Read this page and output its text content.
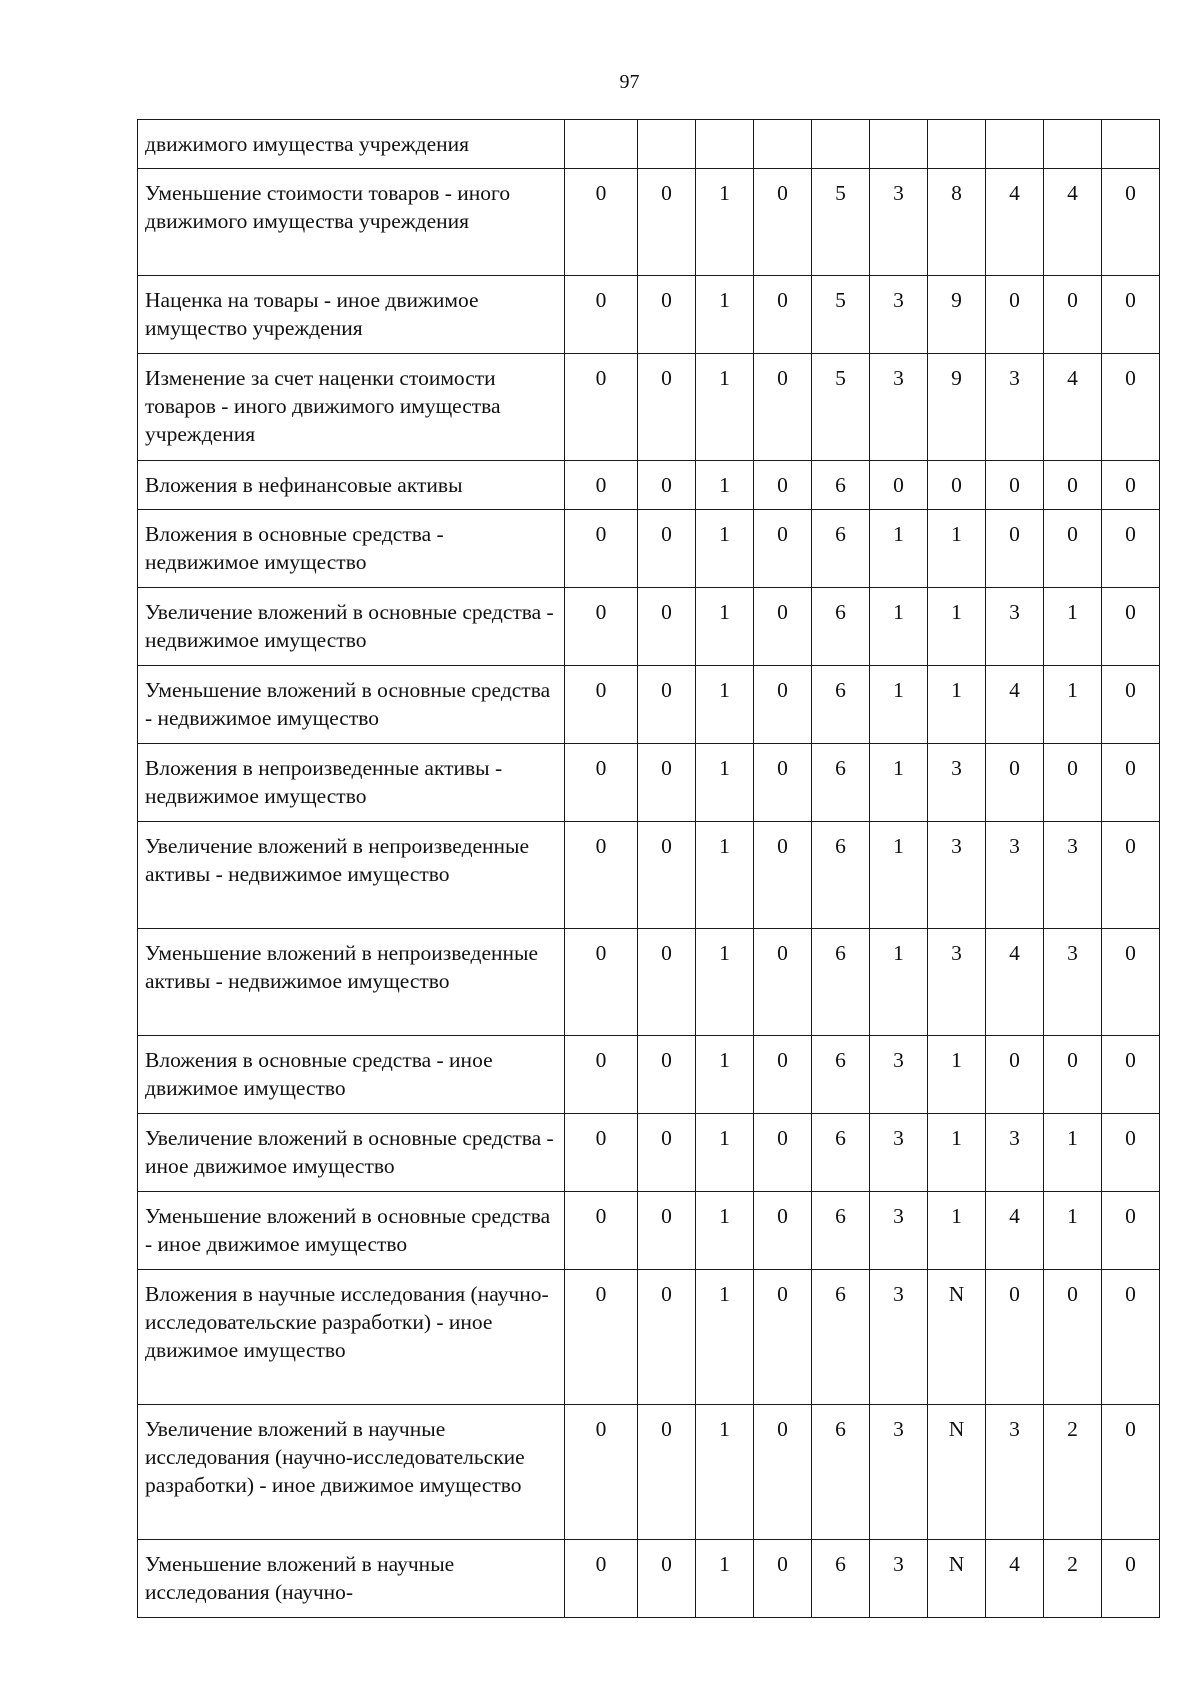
97
движимого имущества учреждения										
Уменьшение стоимости товаров - иного движимого имущества учреждения	0	0	1	0	5	3	8	4	4	0
Наценка на товары - иное движимое имущество учреждения	0	0	1	0	5	3	9	0	0	0
Изменение за счет наценки стоимости товаров - иного движимого имущества учреждения	0	0	1	0	5	3	9	3	4	0
Вложения в нефинансовые активы	0	0	1	0	6	0	0	0	0	0
Вложения в основные средства - недвижимое имущество	0	0	1	0	6	1	1	0	0	0
Увеличение вложений в основные средства - недвижимое имущество	0	0	1	0	6	1	1	3	1	0
Уменьшение вложений в основные средства - недвижимое имущество	0	0	1	0	6	1	1	4	1	0
Вложения в непроизведенные активы - недвижимое имущество	0	0	1	0	6	1	3	0	0	0
Увеличение вложений в непроизведенные активы - недвижимое имущество	0	0	1	0	6	1	3	3	3	0
Уменьшение вложений в непроизведенные активы - недвижимое имущество	0	0	1	0	6	1	3	4	3	0
Вложения в основные средства - иное движимое имущество	0	0	1	0	6	3	1	0	0	0
Увеличение вложений в основные средства - иное движимое имущество	0	0	1	0	6	3	1	3	1	0
Уменьшение вложений в основные средства - иное движимое имущество	0	0	1	0	6	3	1	4	1	0
Вложения в научные исследования (научно-исследовательские разработки) - иное движимое имущество	0	0	1	0	6	3	N	0	0	0
Увеличение вложений в научные исследования (научно-исследовательские разработки) - иное движимое имущество	0	0	1	0	6	3	N	3	2	0
Уменьшение вложений в научные исследования (научно-	0	0	1	0	6	3	N	4	2	0
